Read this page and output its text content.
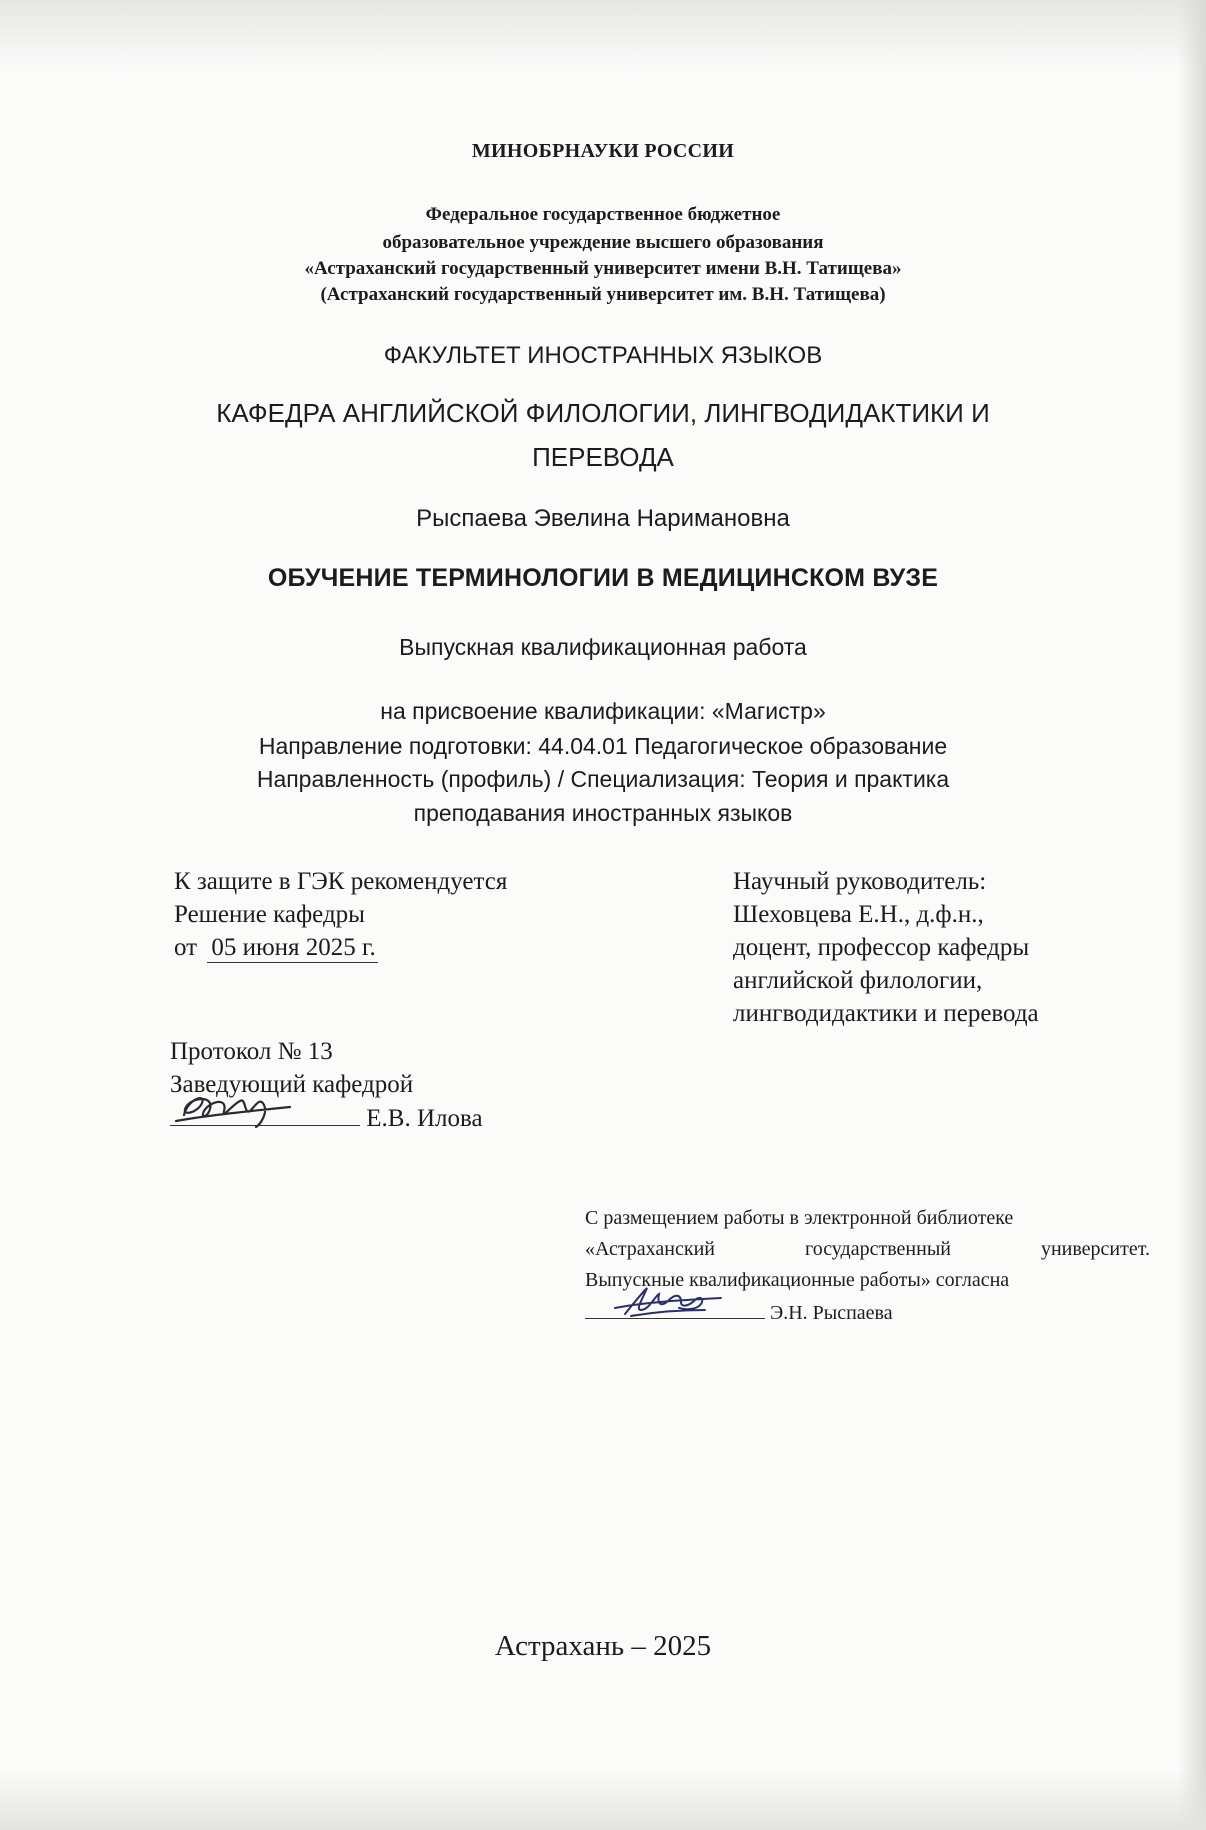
МИНОБРНАУКИ РОССИИ
Федеральное государственное бюджетное
образовательное учреждение высшего образования
«Астраханский государственный университет имени В.Н. Татищева»
(Астраханский государственный университет им. В.Н. Татищева)
ФАКУЛЬТЕТ ИНОСТРАННЫХ ЯЗЫКОВ
КАФЕДРА АНГЛИЙСКОЙ ФИЛОЛОГИИ, ЛИНГВОДИДАКТИКИ И
ПЕРЕВОДА
Рыспаева Эвелина Наримановна
ОБУЧЕНИЕ ТЕРМИНОЛОГИИ В МЕДИЦИНСКОМ ВУЗЕ
Выпускная квалификационная работа
на присвоение квалификации: «Магистр»
Направление подготовки: 44.04.01 Педагогическое образование
Направленность (профиль) / Специализация: Теория и практика
преподавания иностранных языков
К защите в ГЭК рекомендуется
Решение кафедры
от 05 июня 2025 г.
Научный руководитель:
Шеховцева Е.Н., д.ф.н.,
доцент, профессор кафедры
английской филологии,
лингводидактики и перевода
Протокол № 13
Заведующий кафедрой
Е.В. Илова
С размещением работы в электронной библиотеке
«Астраханский государственный университет.
Выпускные квалификационные работы» согласна
Э.Н. Рыспаева
Астрахань – 2025
